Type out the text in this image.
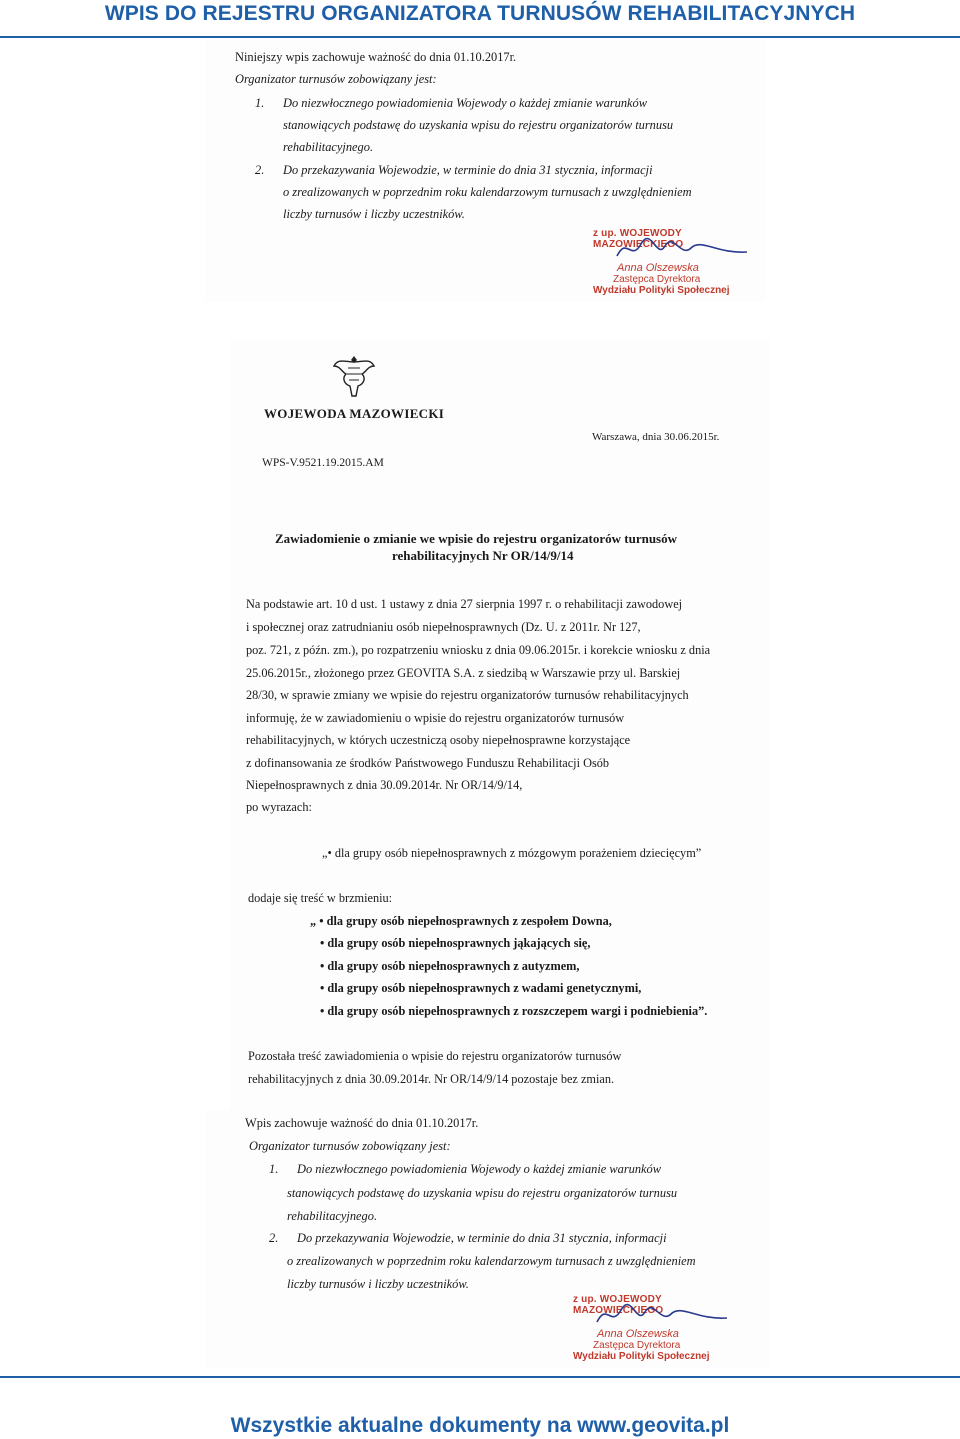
WPIS DO REJESTRU ORGANIZATORA TURNUSÓW REHABILITACYJNYCH

Niniejszy wpis zachowuje ważność do dnia 01.10.2017r.

Organizator turnusów zobowiązany jest:

1. Do niezwłocznego powiadomienia Wojewody o każdej zmianie warunków

stanowiących podstawę do uzyskania wpisu do rejestru organizatorów turnusu

rehabilitacyjnego.

2. Do przekazywania Wojewodzie, w terminie do dnia 31 stycznia, informacji

o zrealizowanych w poprzednim roku kalendarzowym turnusach z uwzględnieniem

liczby turnusów i liczby uczestników.

z up. WOJEWODY MAZOWIECKIEGO
Anna Olszewska
Zastępca Dyrektora
Wydziału Polityki Społecznej

WOJEWODA MAZOWIECKI

Warszawa, dnia 30.06.2015r.

WPS-V.9521.19.2015.AM

Zawiadomienie o zmianie we wpisie do rejestru organizatorów turnusów

rehabilitacyjnych Nr OR/14/9/14

Na podstawie art. 10 d ust. 1 ustawy z dnia 27 sierpnia 1997 r. o rehabilitacji zawodowej

i społecznej oraz zatrudnianiu osób niepełnosprawnych (Dz. U. z 2011r. Nr 127,

poz. 721, z późn. zm.), po rozpatrzeniu wniosku z dnia 09.06.2015r. i korekcie wniosku z dnia

25.06.2015r., złożonego przez GEOVITA S.A. z siedzibą w Warszawie przy ul. Barskiej

28/30, w sprawie zmiany we wpisie do rejestru organizatorów turnusów rehabilitacyjnych

informuję, że w zawiadomieniu o wpisie do rejestru organizatorów turnusów

rehabilitacyjnych, w których uczestniczą osoby niepełnosprawne korzystające

z dofinansowania ze środków Państwowego Funduszu Rehabilitacji Osób

Niepełnosprawnych z dnia 30.09.2014r. Nr OR/14/9/14,

po wyrazach:

„• dla grupy osób niepełnosprawnych z mózgowym porażeniem dziecięcym”

dodaje się treść w brzmieniu:

„ • dla grupy osób niepełnosprawnych z zespołem Downa,

• dla grupy osób niepełnosprawnych jąkających się,

• dla grupy osób niepełnosprawnych z autyzmem,

• dla grupy osób niepełnosprawnych z wadami genetycznymi,

• dla grupy osób niepełnosprawnych z rozszczepem wargi i podniebienia”.

Pozostała treść zawiadomienia o wpisie do rejestru organizatorów turnusów

rehabilitacyjnych z dnia 30.09.2014r. Nr OR/14/9/14 pozostaje bez zmian.

Wpis zachowuje ważność do dnia 01.10.2017r.

Organizator turnusów zobowiązany jest:

1. Do niezwłocznego powiadomienia Wojewody o każdej zmianie warunków

stanowiących podstawę do uzyskania wpisu do rejestru organizatorów turnusu

rehabilitacyjnego.

2. Do przekazywania Wojewodzie, w terminie do dnia 31 stycznia, informacji

o zrealizowanych w poprzednim roku kalendarzowym turnusach z uwzględnieniem

liczby turnusów i liczby uczestników.

z up. WOJEWODY MAZOWIECKIEGO
Anna Olszewska
Zastępca Dyrektora
Wydziału Polityki Społecznej

Wszystkie aktualne dokumenty na www.geovita.pl
